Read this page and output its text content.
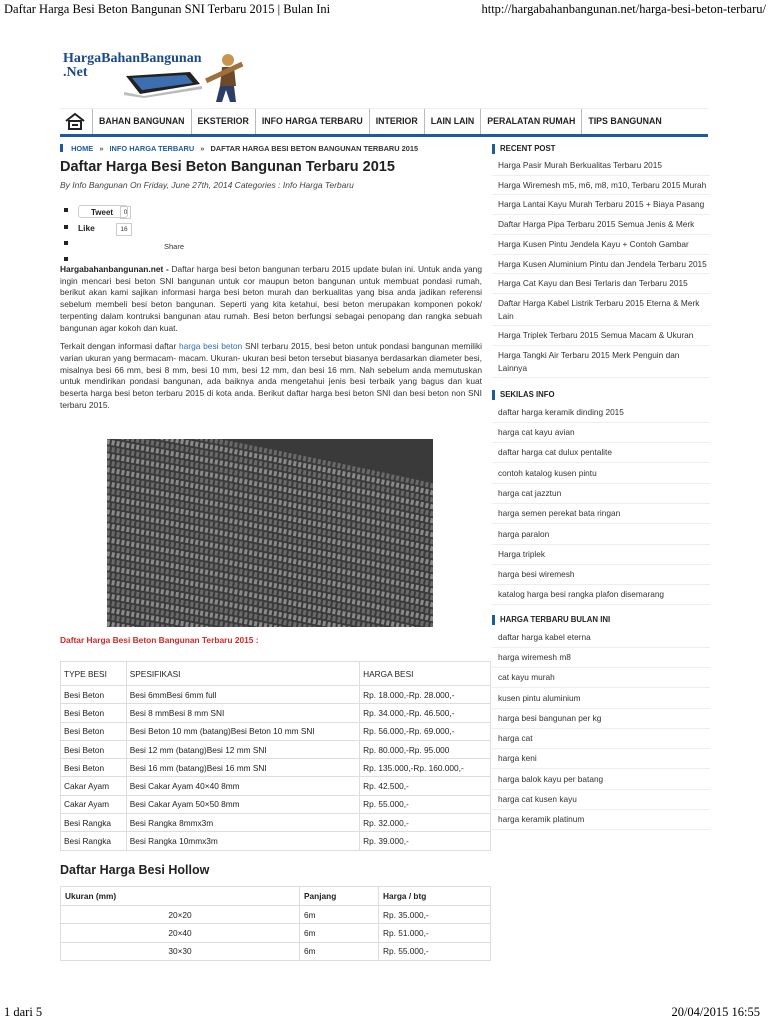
Daftar Harga Besi Beton Bangunan SNI Terbaru 2015 | Bulan Ini	http://hargabahanbangunan.net/harga-besi-beton-terbaru/
HargaBahanBangunan
.Net
BAHAN BANGUNAN	EKSTERIOR	INFO HARGA TERBARU	INTERIOR	LAIN LAIN	PERALATAN RUMAH	TIPS BANGUNAN
HOME » INFO HARGA TERBARU » DAFTAR HARGA BESI BETON BANGUNAN TERBARU 2015
Daftar Harga Besi Beton Bangunan Terbaru 2015
By Info Bangunan On Friday, June 27th, 2014 Categories : Info Harga Terbaru
Tweet	0
Like	16
Share

Hargabahanbangunan.net - Daftar harga besi beton bangunan terbaru 2015 update bulan ini. Untuk anda yang ingin mencari besi beton SNI bangunan untuk cor maupun beton bangunan untuk membuat pondasi rumah, berikut akan kami sajikan informasi harga besi beton murah dan berkualitas yang bisa anda jadikan referensi sebelum membeli besi beton bangunan. Seperti yang kita ketahui, besi beton merupakan komponen pokok/ terpenting dalam kontruksi bangunan atau rumah. Besi beton berfungsi sebagai penopang dan rangka sebuah bangunan agar kokoh dan kuat.

Terkait dengan informasi daftar harga besi beton SNI terbaru 2015, besi beton untuk pondasi bangunan memiliki varian ukuran yang bermacam- macam. Ukuran- ukuran besi beton tersebut biasanya berdasarkan diameter besi, misalnya besi 66 mm, besi 8 mm, besi 10 mm, besi 12 mm, dan besi 16 mm. Nah sebelum anda memutuskan untuk mendirikan pondasi bangunan, ada baiknya anda mengetahui jenis besi terbaik yang bagus dan kuat beserta harga besi beton terbaru 2015 di kota anda. Berikut daftar harga besi beton SNI dan besi beton non SNI terbaru 2015.

Daftar Harga Besi Beton Bangunan Terbaru 2015 :
TYPE BESI	SPESIFIKASI	HARGA BESI
Besi Beton	Besi 6mmBesi 6mm full	Rp. 18.000,-Rp. 28.000,-
Besi Beton	Besi 8 mmBesi 8 mm SNI	Rp. 34.000,-Rp. 46.500,-
Besi Beton	Besi Beton 10 mm (batang)Besi Beton 10 mm SNI	Rp. 56.000,-Rp. 69.000,-
Besi Beton	Besi 12 mm (batang)Besi 12 mm SNI	Rp. 80.000,-Rp. 95.000
Besi Beton	Besi 16 mm (batang)Besi 16 mm SNI	Rp. 135.000,-Rp. 160.000,-
Cakar Ayam	Besi Cakar Ayam 40×40 8mm	Rp. 42.500,-
Cakar Ayam	Besi Cakar Ayam 50×50 8mm	Rp. 55.000,-
Besi Rangka	Besi Rangka 8mmx3m	Rp. 32.000,-
Besi Rangka	Besi Rangka 10mmx3m	Rp. 39.000,-
Daftar Harga Besi Hollow
Ukuran (mm)	Panjang	Harga / btg
20×20	6m	Rp. 35.000,-
20×40	6m	Rp. 51.000,-
30×30	6m	Rp. 55.000,-
RECENT POST
Harga Pasir Murah Berkualitas Terbaru 2015
Harga Wiremesh m5, m6, m8, m10, Terbaru 2015 Murah
Harga Lantai Kayu Murah Terbaru 2015 + Biaya Pasang
Daftar Harga Pipa Terbaru 2015 Semua Jenis & Merk
Harga Kusen Pintu Jendela Kayu + Contoh Gambar
Harga Kusen Aluminium Pintu dan Jendela Terbaru 2015
Harga Cat Kayu dan Besi Terlaris dan Terbaru 2015
Daftar Harga Kabel Listrik Terbaru 2015 Eterna & Merk Lain
Harga Triplek Terbaru 2015 Semua Macam & Ukuran
Harga Tangki Air Terbaru 2015 Merk Penguin dan Lainnya
SEKILAS INFO
daftar harga keramik dinding 2015
harga cat kayu avian
daftar harga cat dulux pentalite
contoh katalog kusen pintu
harga cat jazztun
harga semen perekat bata ringan
harga paralon
Harga triplek
harga besi wiremesh
katalog harga besi rangka plafon disemarang
HARGA TERBARU BULAN INI
daftar harga kabel eterna
harga wiremesh m8
cat kayu murah
kusen pintu aluminium
harga besi bangunan per kg
harga cat
harga keni
harga balok kayu per batang
harga cat kusen kayu
harga keramik platinum
1 dari 5	20/04/2015 16:55
